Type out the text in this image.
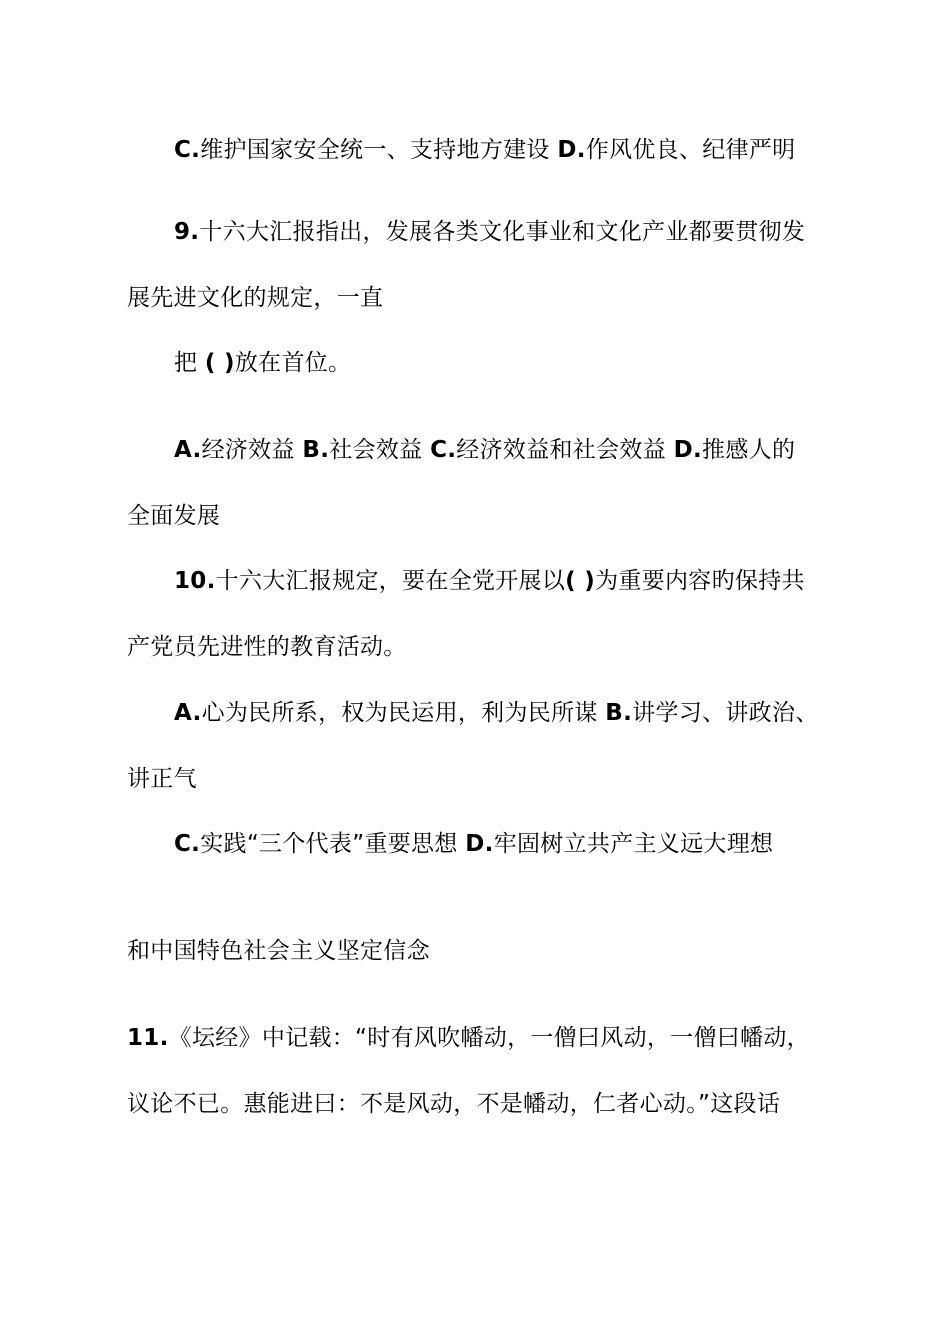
C.维护国家安全统一、支持地方建设 D.作风优良、纪律严明
9.十六大汇报指出，发展各类文化事业和文化产业都要贯彻发
展先进文化的规定，一直
把 ( )放在首位。
A.经济效益 B.社会效益 C.经济效益和社会效益 D.推感人的
全面发展
10.十六大汇报规定，要在全党开展以( )为重要内容旳保持共
产党员先进性的教育活动。
A.心为民所系，权为民运用，利为民所谋 B.讲学习、讲政治、
讲正气
C.实践“三个代表”重要思想 D.牢固树立共产主义远大理想
和中国特色社会主义坚定信念
11.《坛经》中记载：“时有风吹幡动，一僧曰风动，一僧曰幡动，
议论不已。惠能进曰：不是风动，不是幡动，仁者心动。”这段话
